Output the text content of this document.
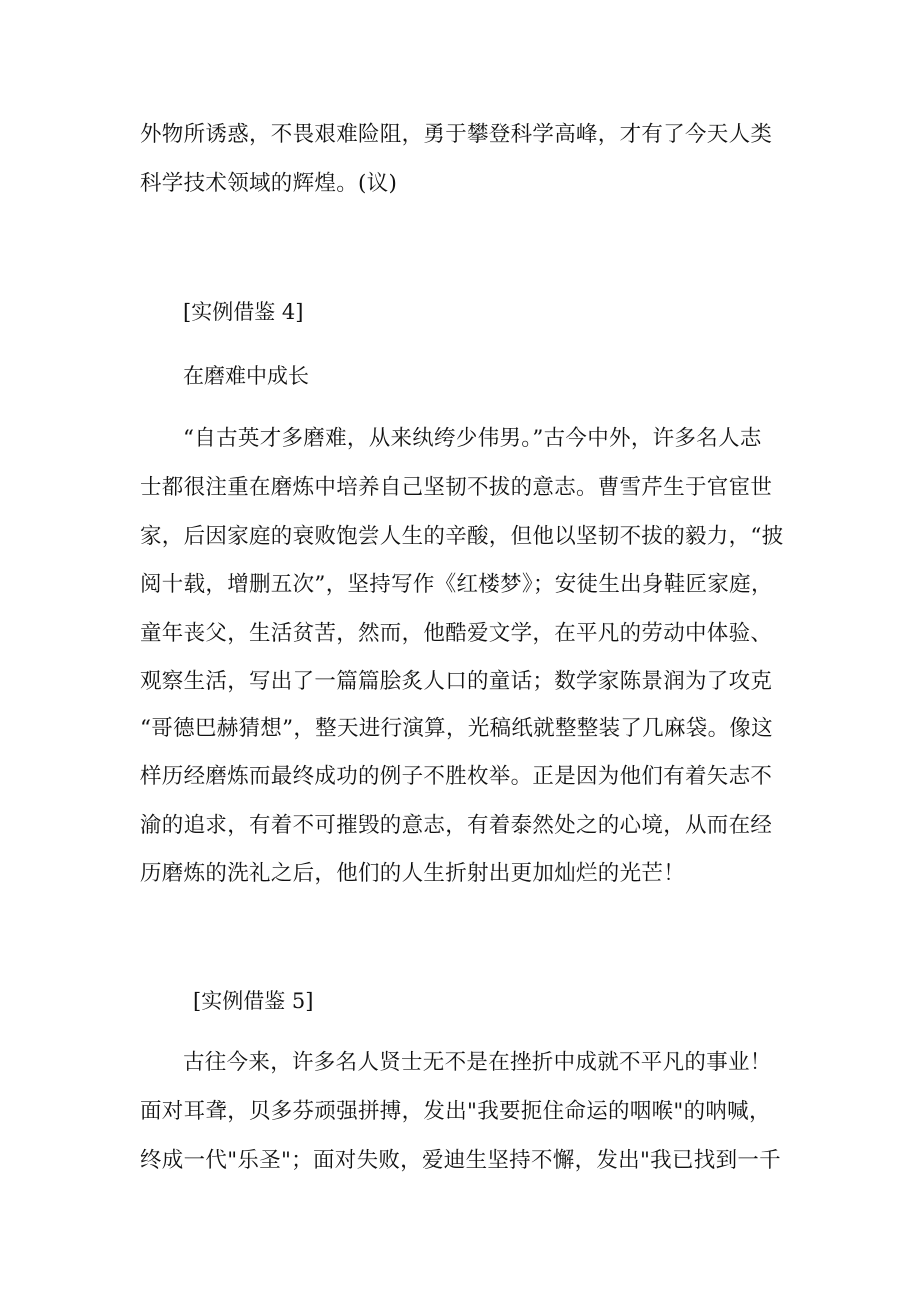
外物所诱惑，不畏艰难险阻，勇于攀登科学高峰，才有了今天人类
科学技术领域的辉煌。(议)
[实例借鉴 4]
在磨难中成长
“自古英才多磨难，从来纨绔少伟男。”古今中外，许多名人志
士都很注重在磨炼中培养自己坚韧不拔的意志。曹雪芹生于官宦世
家，后因家庭的衰败饱尝人生的辛酸，但他以坚韧不拔的毅力，“披
阅十载，增删五次”，坚持写作《红楼梦》；安徒生出身鞋匠家庭，
童年丧父，生活贫苦，然而，他酷爱文学，在平凡的劳动中体验、
观察生活，写出了一篇篇脍炙人口的童话；数学家陈景润为了攻克
“哥德巴赫猜想”，整天进行演算，光稿纸就整整装了几麻袋。像这
样历经磨炼而最终成功的例子不胜枚举。正是因为他们有着矢志不
渝的追求，有着不可摧毁的意志，有着泰然处之的心境，从而在经
历磨炼的洗礼之后，他们的人生折射出更加灿烂的光芒！
[实例借鉴 5]
古往今来，许多名人贤士无不是在挫折中成就不平凡的事业！
面对耳聋，贝多芬顽强拼搏，发出"我要扼住命运的咽喉"的呐喊，
终成一代"乐圣"；面对失败，爱迪生坚持不懈，发出"我已找到一千
